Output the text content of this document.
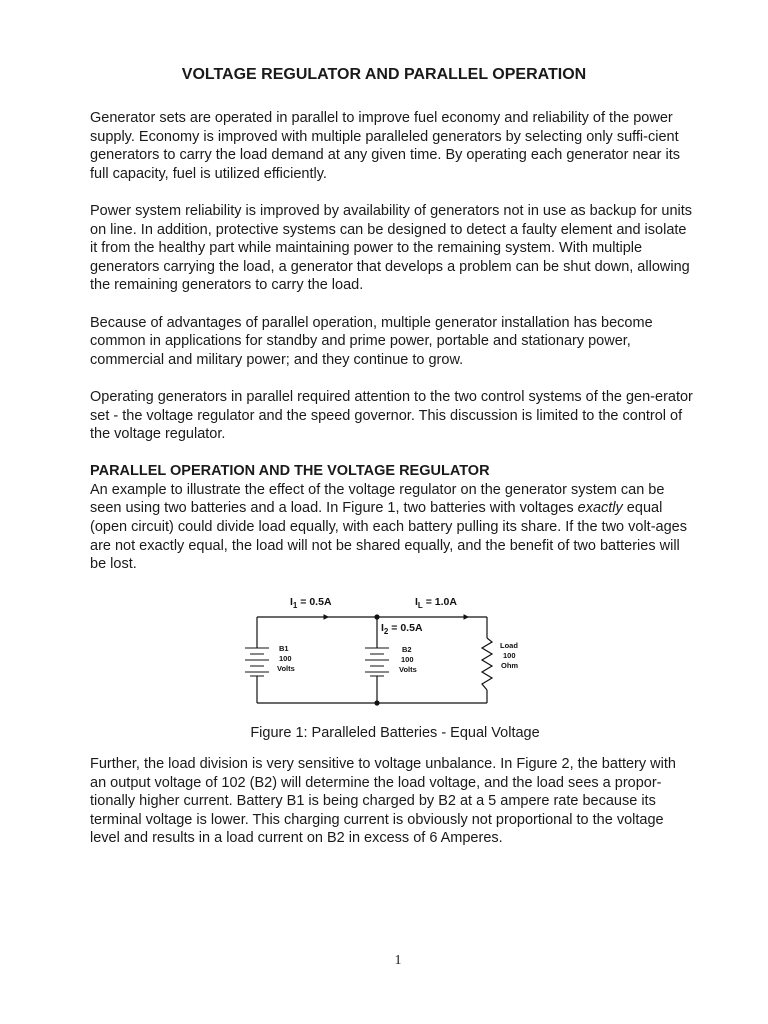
VOLTAGE REGULATOR AND PARALLEL OPERATION

Generator sets are operated in parallel to improve fuel economy and reliability of the power supply. Economy is improved with multiple paralleled generators by selecting only suffi-cient generators to carry the load demand at any given time. By operating each generator near its full capacity, fuel is utilized efficiently.

Power system reliability is improved by availability of generators not in use as backup for units on line. In addition, protective systems can be designed to detect a faulty element and isolate it from the healthy part while maintaining power to the remaining system. With multiple generators carrying the load, a generator that develops a problem can be shut down, allowing the remaining generators to carry the load.

Because of advantages of parallel operation, multiple generator installation has become common in applications for standby and prime power, portable and stationary power, commercial and military power; and they continue to grow.

Operating generators in parallel required attention to the two control systems of the gen-erator set - the voltage regulator and the speed governor. This discussion is limited to the control of the voltage regulator.

PARALLEL OPERATION AND THE VOLTAGE REGULATOR

An example to illustrate the effect of the voltage regulator on the generator system can be seen using two batteries and a load. In Figure 1, two batteries with voltages exactly equal (open circuit) could divide load equally, with each battery pulling its share. If the two volt-ages are not exactly equal, the load will not be shared equally, and the benefit of two batteries will be lost.

$I_1 = 0.5A$	$I_L = 1.0A$
$I_2 = 0.5A$
B1
100
Volts
B2
100
Volts
Load
100
Ohm
Figure 1: Paralleled Batteries - Equal Voltage

Further, the load division is very sensitive to voltage unbalance. In Figure 2, the battery with an output voltage of 102 (B2) will determine the load voltage, and the load sees a propor-tionally higher current. Battery B1 is being charged by B2 at a 5 ampere rate because its terminal voltage is lower. This charging current is obviously not proportional to the voltage level and results in a load current on B2 in excess of 6 Amperes.

1
